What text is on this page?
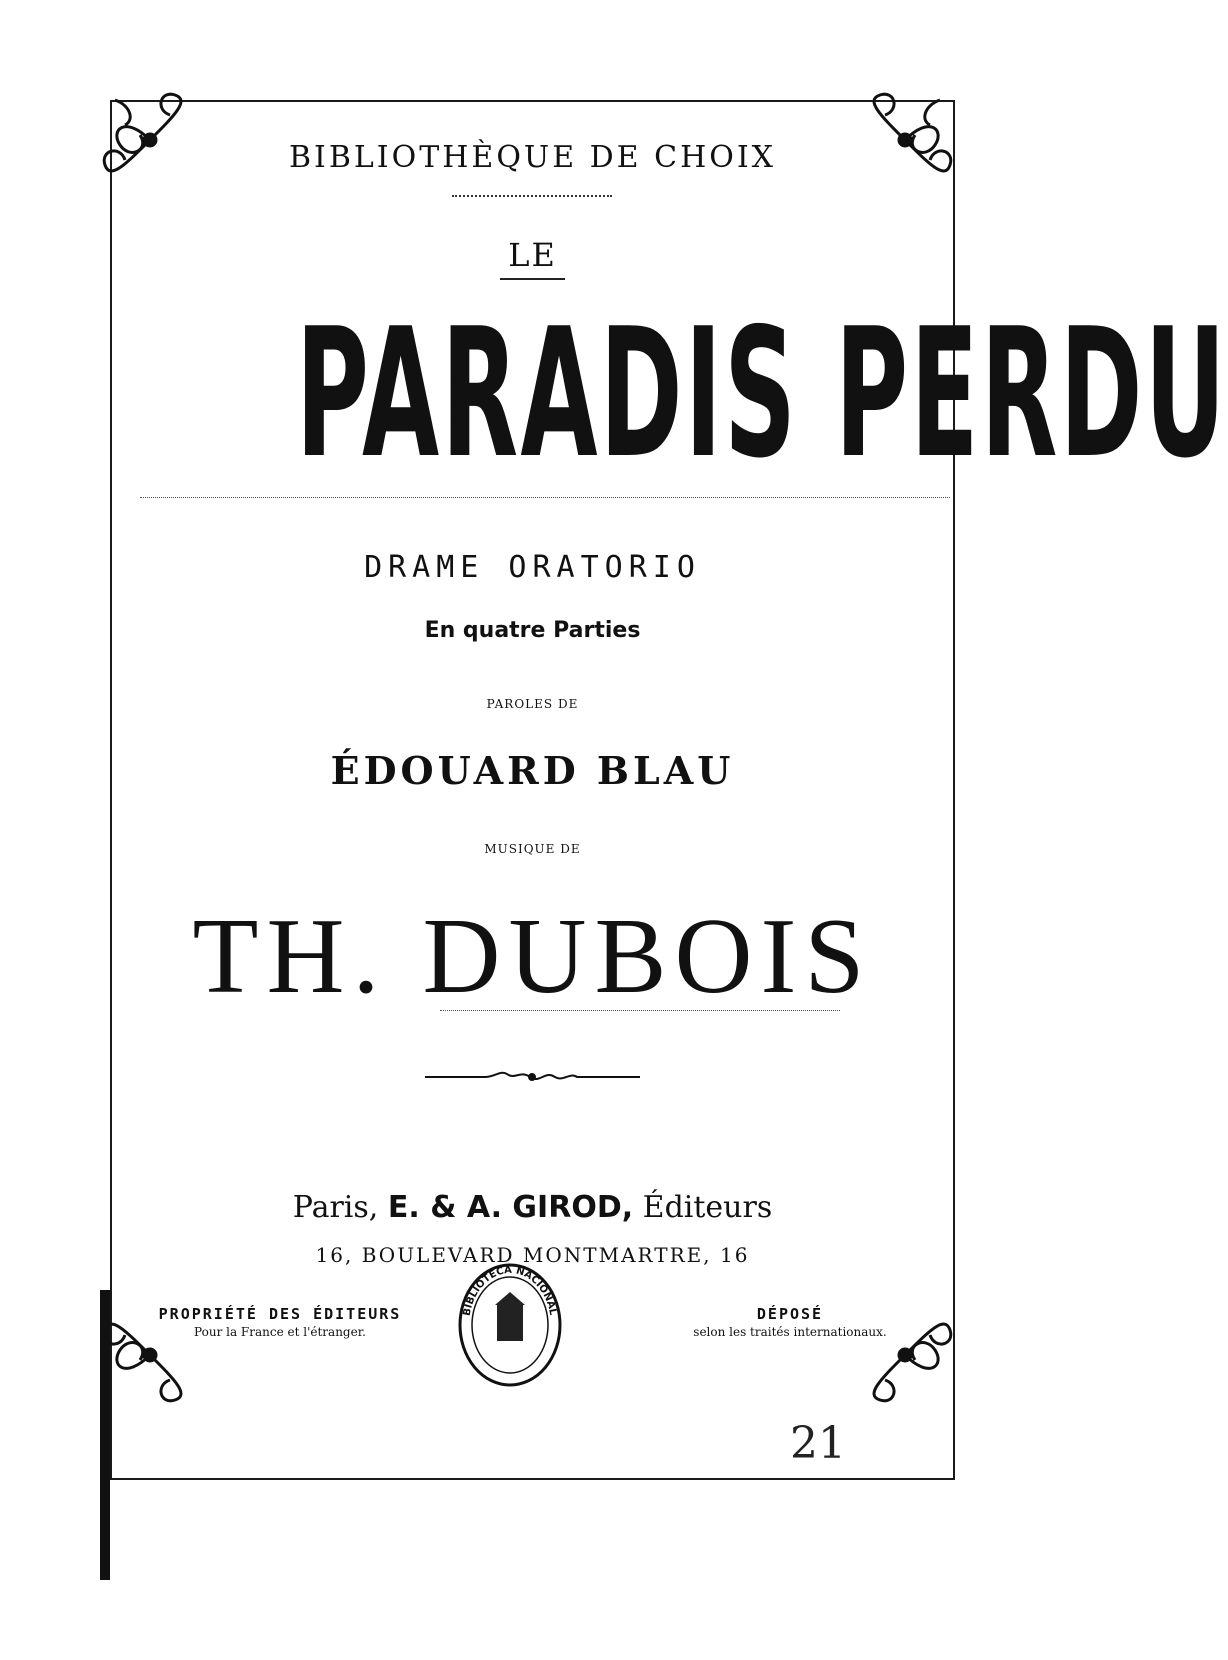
BIBLIOTHÈQUE DE CHOIX
LE
PARADIS PERDU
DRAME ORATORIO
En quatre Parties
PAROLES DE
ÉDOUARD BLAU
MUSIQUE DE
TH. DUBOIS
Paris, E. & A. GIROD, Éditeurs
16, BOULEVARD MONTMARTRE, 16
PROPRIÉTÉ DES ÉDITEURS
Pour la France et l'étranger.
DÉPOSÉ
selon les traités internationaux.
BIBLIOTECA NACIONAL
21
